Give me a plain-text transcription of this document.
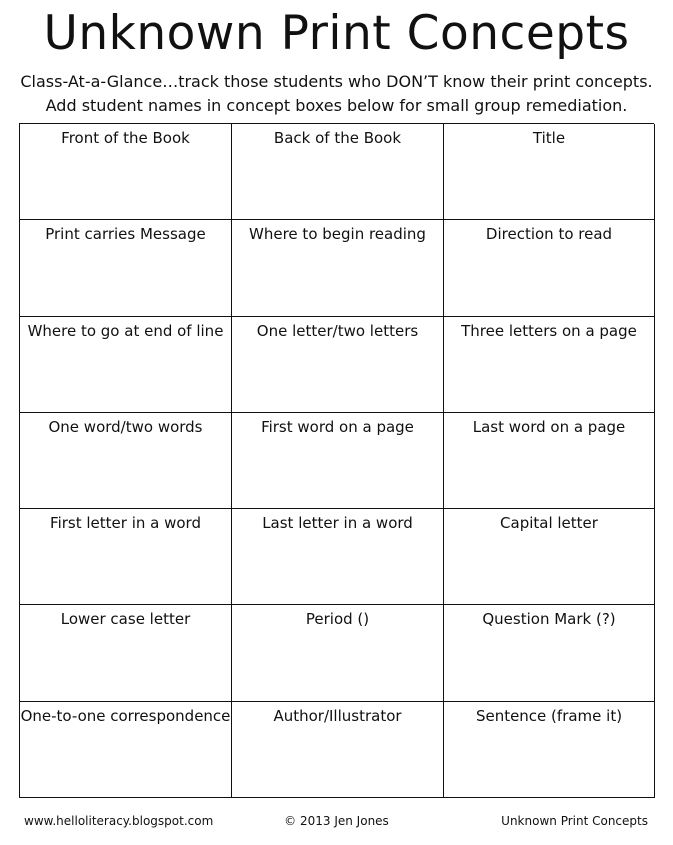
Unknown Print Concepts

Class-At-a-Glance…track those students who DON’T know their print concepts.

Add student names in concept boxes below for small group remediation.

Front of the Book	Back of the Book	Title
Print carries Message	Where to begin reading	Direction to read
Where to go at end of line	One letter/two letters	Three letters on a page
One word/two words	First word on a page	Last word on a page
First letter in a word	Last letter in a word	Capital letter
Lower case letter	Period ()	Question Mark (?)
One-to-one correspondence	Author/Illustrator	Sentence (frame it)
www.helloliteracy.blogspot.com	© 2013 Jen Jones	Unknown Print Concepts
